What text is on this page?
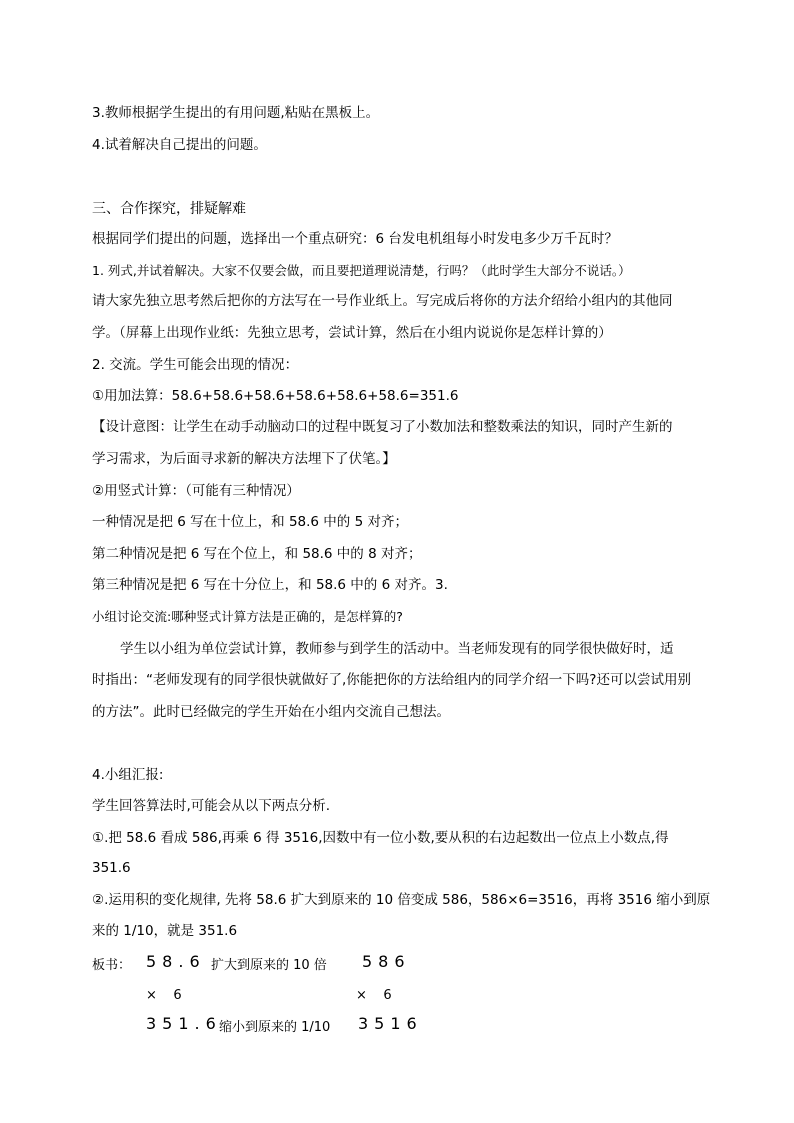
3.教师根据学生提出的有用问题,粘贴在黑板上。
4.试着解决自己提出的问题。
三、合作探究，排疑解难
根据同学们提出的问题，选择出一个重点研究：6 台发电机组每小时发电多少万千瓦时？
1. 列式,并试着解决。大家不仅要会做，而且要把道理说清楚，行吗？（此时学生大部分不说话。）
请大家先独立思考然后把你的方法写在一号作业纸上。写完成后将你的方法介绍给小组内的其他同
学。（屏幕上出现作业纸：先独立思考，尝试计算，然后在小组内说说你是怎样计算的）
2. 交流。学生可能会出现的情况：
①用加法算：58.6+58.6+58.6+58.6+58.6+58.6=351.6
【设计意图：让学生在动手动脑动口的过程中既复习了小数加法和整数乘法的知识，同时产生新的
学习需求，为后面寻求新的解决方法埋下了伏笔。】
②用竖式计算：（可能有三种情况）
一种情况是把 6 写在十位上，和 58.6 中的 5 对齐；
第二种情况是把 6 写在个位上，和 58.6 中的 8 对齐；
第三种情况是把 6 写在十分位上，和 58.6 中的 6 对齐。3.
小组讨论交流:哪种竖式计算方法是正确的，是怎样算的?
学生以小组为单位尝试计算，教师参与到学生的活动中。当老师发现有的同学很快做好时，适
时指出：“老师发现有的同学很快就做好了,你能把你的方法给组内的同学介绍一下吗?还可以尝试用别
的方法”。此时已经做完的学生开始在小组内交流自己想法。
4.小组汇报:
学生回答算法时,可能会从以下两点分析.
①.把 58.6 看成 586,再乘 6 得 3516,因数中有一位小数,要从积的右边起数出一位点上小数点,得
351.6
②.运用积的变化规律, 先将 58.6 扩大到原来的 10 倍变成 586，586×6=3516，再将 3516 缩小到原
来的 1/10，就是 351.6
板书： 58.6 扩大到原来的 10 倍 586
×    6	×    6
351.6
缩小到原来的 1/10 3516
